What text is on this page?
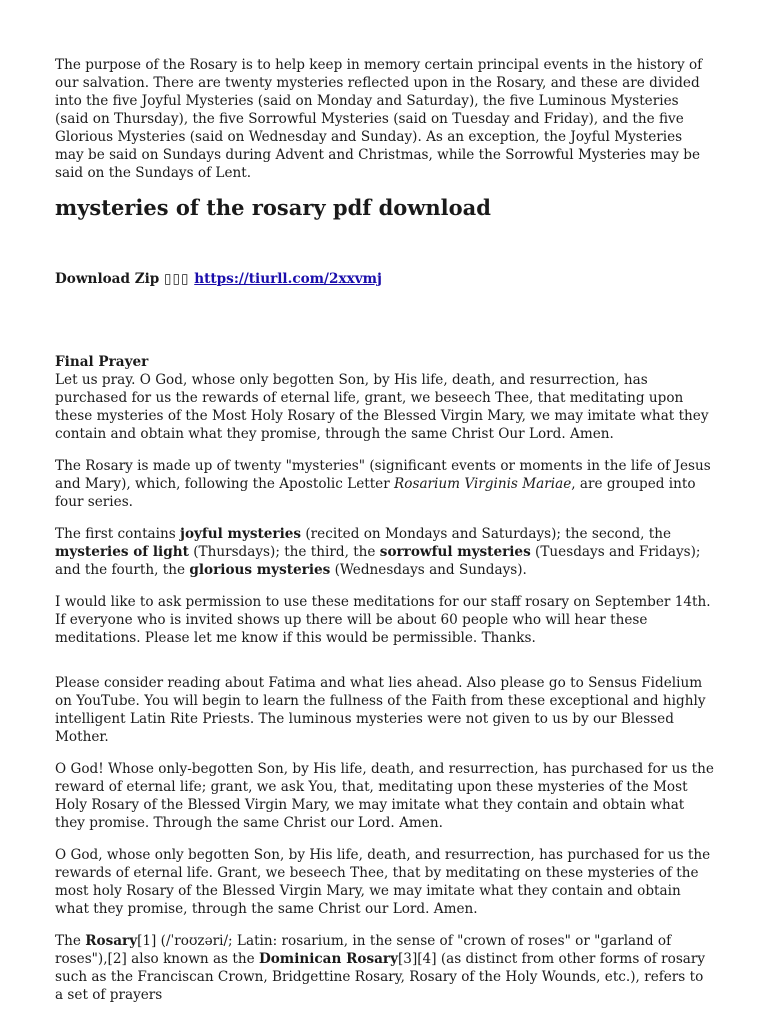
The purpose of the Rosary is to help keep in memory certain principal events in the history of our salvation. There are twenty mysteries reflected upon in the Rosary, and these are divided into the five Joyful Mysteries (said on Monday and Saturday), the five Luminous Mysteries (said on Thursday), the five Sorrowful Mysteries (said on Tuesday and Friday), and the five Glorious Mysteries (said on Wednesday and Sunday). As an exception, the Joyful Mysteries may be said on Sundays during Advent and Christmas, while the Sorrowful Mysteries may be said on the Sundays of Lent.

mysteries of the rosary pdf download

Download Zip ▯▯▯ https://tiurll.com/2xxvmj

Final Prayer
Let us pray. O God, whose only begotten Son, by His life, death, and resurrection, has purchased for us the rewards of eternal life, grant, we beseech Thee, that meditating upon these mysteries of the Most Holy Rosary of the Blessed Virgin Mary, we may imitate what they contain and obtain what they promise, through the same Christ Our Lord. Amen.

The Rosary is made up of twenty "mysteries" (significant events or moments in the life of Jesus and Mary), which, following the Apostolic Letter Rosarium Virginis Mariae, are grouped into four series.

The first contains joyful mysteries (recited on Mondays and Saturdays); the second, the mysteries of light (Thursdays); the third, the sorrowful mysteries (Tuesdays and Fridays); and the fourth, the glorious mysteries (Wednesdays and Sundays).

I would like to ask permission to use these meditations for our staff rosary on September 14th. If everyone who is invited shows up there will be about 60 people who will hear these meditations. Please let me know if this would be permissible. Thanks.

Please consider reading about Fatima and what lies ahead. Also please go to Sensus Fidelium on YouTube. You will begin to learn the fullness of the Faith from these exceptional and highly intelligent Latin Rite Priests. The luminous mysteries were not given to us by our Blessed Mother.

O God! Whose only-begotten Son, by His life, death, and resurrection, has purchased for us the reward of eternal life; grant, we ask You, that, meditating upon these mysteries of the Most Holy Rosary of the Blessed Virgin Mary, we may imitate what they contain and obtain what they promise. Through the same Christ our Lord. Amen.

O God, whose only begotten Son, by His life, death, and resurrection, has purchased for us the rewards of eternal life. Grant, we beseech Thee, that by meditating on these mysteries of the most holy Rosary of the Blessed Virgin Mary, we may imitate what they contain and obtain what they promise, through the same Christ our Lord. Amen.

The Rosary[1] (/ˈroʊzəri/; Latin: rosarium, in the sense of "crown of roses" or "garland of roses"),[2] also known as the Dominican Rosary[3][4] (as distinct from other forms of rosary such as the Franciscan Crown, Bridgettine Rosary, Rosary of the Holy Wounds, etc.), refers to a set of prayers
